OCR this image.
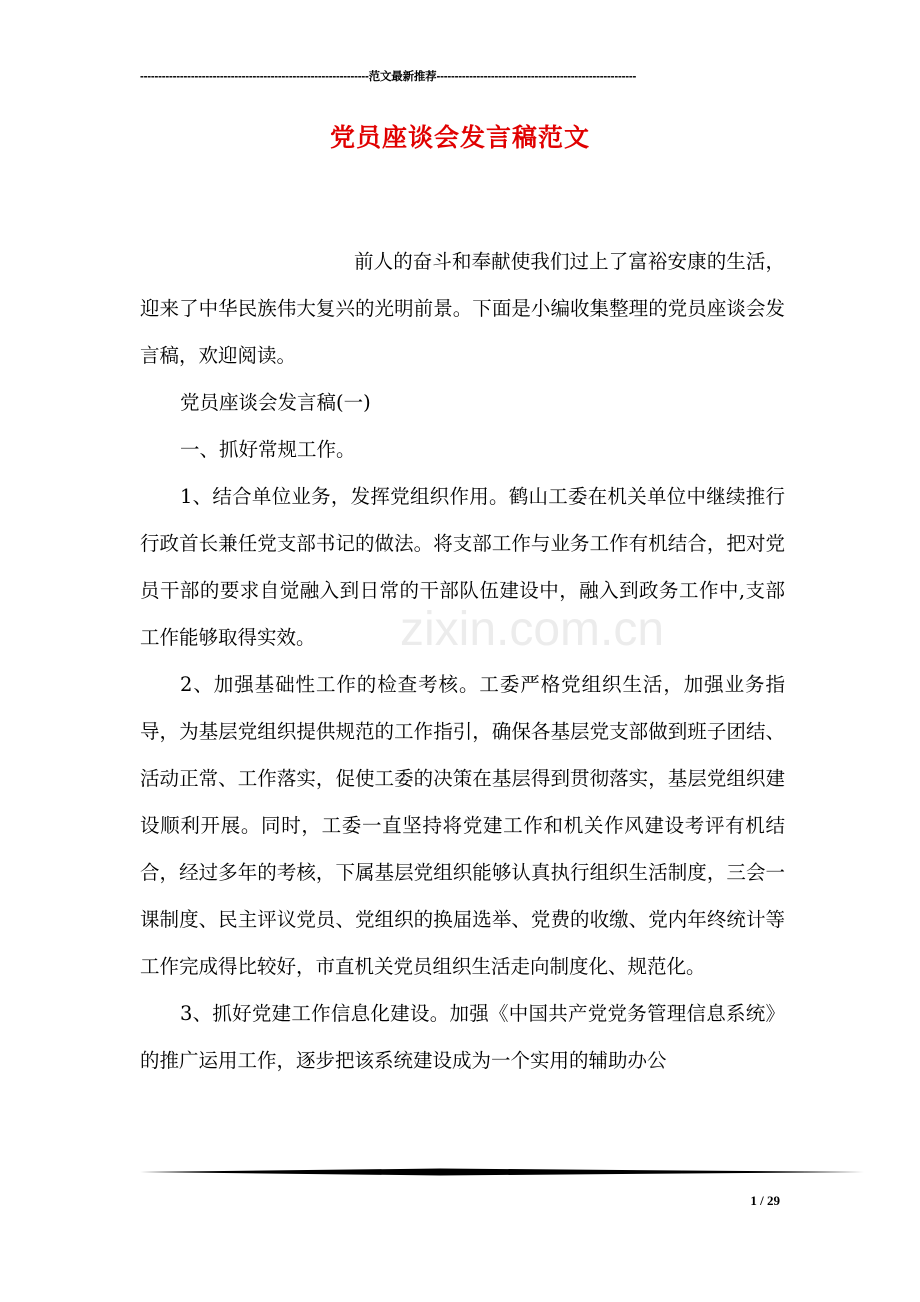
---------------------------------------------------------------范文最新推荐-------------------------------------------------------
党员座谈会发言稿范文

前人的奋斗和奉献使我们过上了富裕安康的生活，迎来了中华民族伟大复兴的光明前景。下面是小编收集整理的党员座谈会发言稿，欢迎阅读。

党员座谈会发言稿(一)

一、抓好常规工作。

1、结合单位业务，发挥党组织作用。鹤山工委在机关单位中继续推行行政首长兼任党支部书记的做法。将支部工作与业务工作有机结合，把对党员干部的要求自觉融入到日常的干部队伍建设中，融入到政务工作中,支部工作能够取得实效。

2、加强基础性工作的检查考核。工委严格党组织生活，加强业务指导，为基层党组织提供规范的工作指引，确保各基层党支部做到班子团结、活动正常、工作落实，促使工委的决策在基层得到贯彻落实，基层党组织建设顺利开展。同时，工委一直坚持将党建工作和机关作风建设考评有机结合，经过多年的考核，下属基层党组织能够认真执行组织生活制度，三会一课制度、民主评议党员、党组织的换届选举、党费的收缴、党内年终统计等工作完成得比较好，市直机关党员组织生活走向制度化、规范化。

3、抓好党建工作信息化建设。加强《中国共产党党务管理信息系统》的推广运用工作，逐步把该系统建设成为一个实用的辅助办公

zixin.com.cn
1 / 29
